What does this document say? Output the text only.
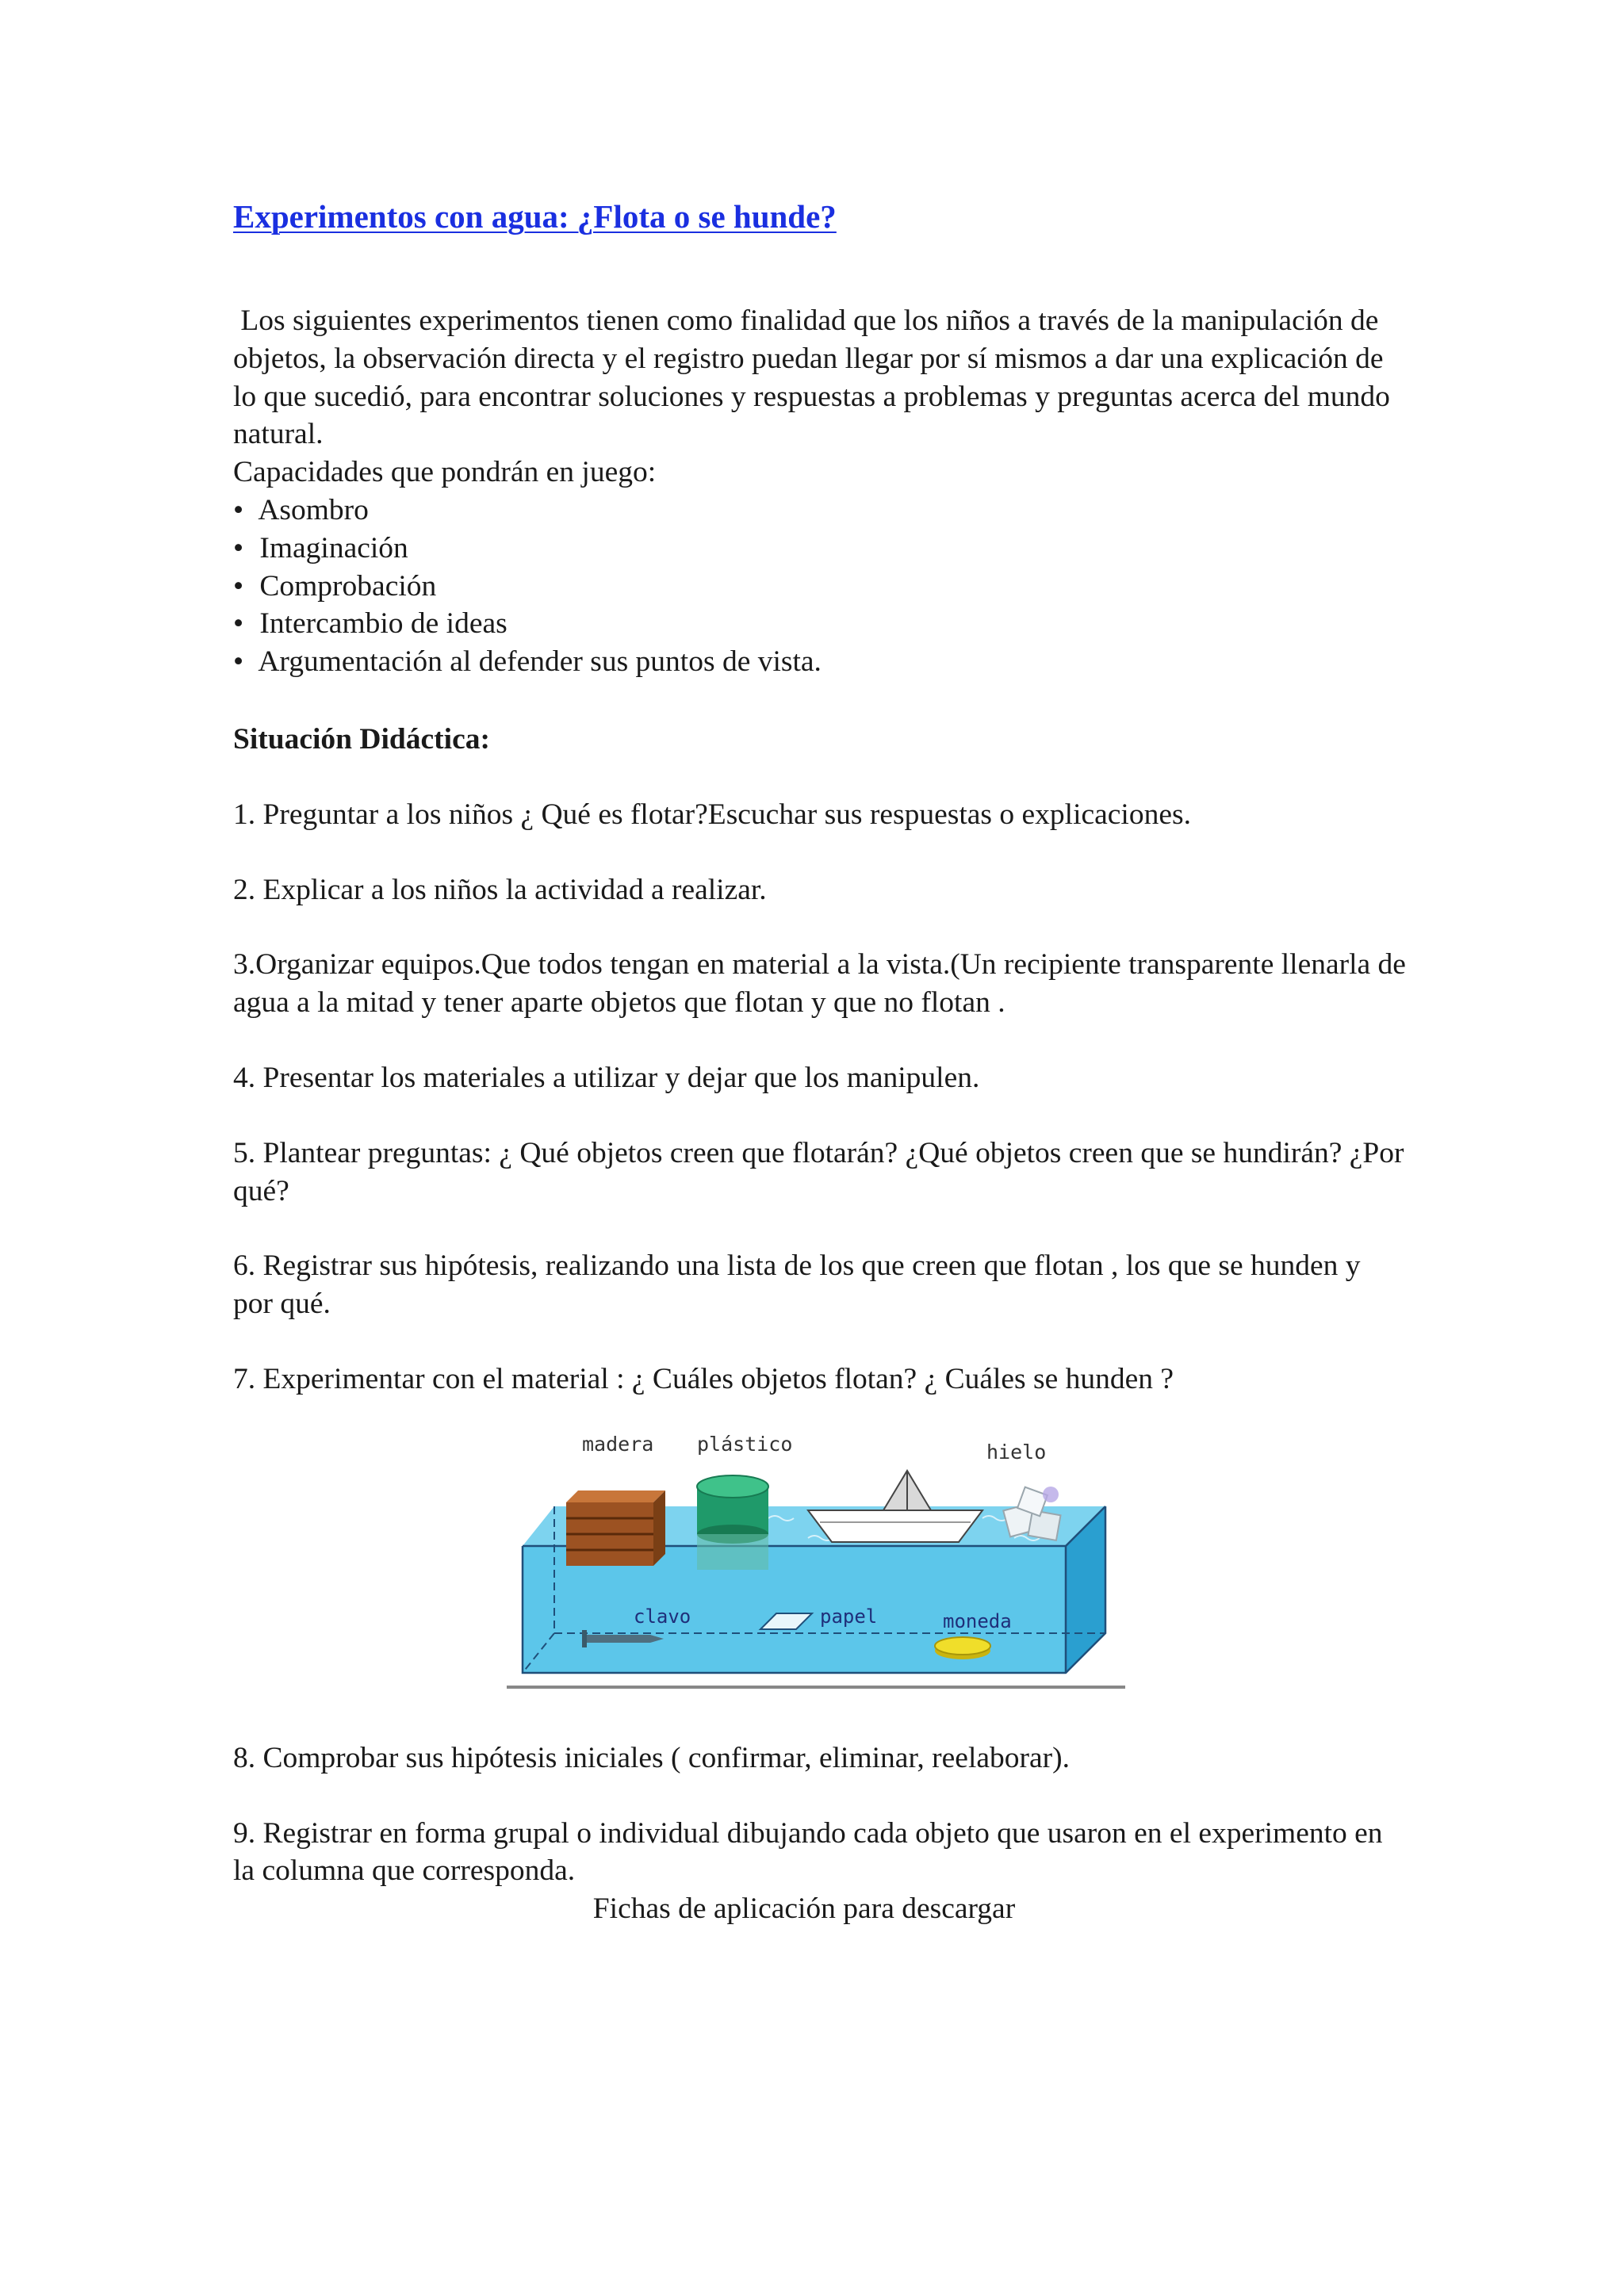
Experimentos con agua: ¿Flota o se hunde?

Los siguientes experimentos tienen como finalidad que los niños a través de la manipulación de objetos, la observación directa y el registro puedan llegar por sí mismos a dar una explicación de lo que sucedió, para encontrar soluciones y respuestas a problemas y preguntas acerca del mundo natural.

Capacidades que pondrán en juego:

• Asombro
• Imaginación
• Comprobación
• Intercambio de ideas
• Argumentación al defender sus puntos de vista.

Situación Didáctica:

1. Preguntar a los niños ¿ Qué es flotar?Escuchar sus respuestas o explicaciones.
2. Explicar a los niños la actividad a realizar.
3.Organizar equipos.Que todos tengan en material a la vista.(Un recipiente transparente llenarla de agua a la mitad y tener aparte objetos que flotan y que no flotan .
4. Presentar los materiales a utilizar y dejar que los manipulen.
5. Plantear preguntas: ¿ Qué objetos creen que flotarán? ¿Qué objetos creen que se hundirán? ¿Por qué?
6. Registrar sus hipótesis, realizando una lista de los que creen que flotan , los que se hunden y por qué.
7. Experimentar con el material : ¿ Cuáles objetos flotan? ¿ Cuáles se hunden ?
madera plástico	hielo
clavo	papel	moneda
8. Comprobar sus hipótesis iniciales ( confirmar, eliminar, reelaborar).
9. Registrar en forma grupal o individual dibujando cada objeto que usaron en el experimento en la columna que corresponda.

Fichas de aplicación para descargar
